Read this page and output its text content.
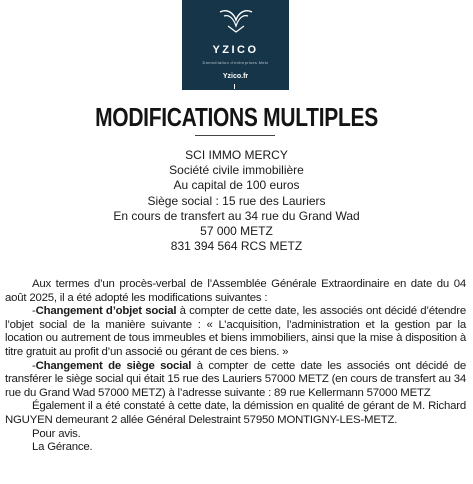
YZICO
Domiciliation d'entreprises Metz
Yzico.fr
MODIFICATIONS MULTIPLES
SCI IMMO MERCY
Société civile immobilière
Au capital de 100 euros
Siège social : 15 rue des Lauriers
En cours de transfert au 34 rue du Grand Wad
57 000 METZ
831 394 564 RCS METZ

Aux termes d’un procès-verbal de l’Assemblée Générale Extraordinaire en date du 04 août 2025, il a été adopté les modifications suivantes :

-Changement d’objet social à compter de cette date, les associés ont décidé d’étendre l’objet social de la manière suivante : « L’acquisition, l’administration et la gestion par la location ou autrement de tous immeubles et biens immobiliers, ainsi que la mise à disposition à titre gratuit au profit d’un associé ou gérant de ces biens. »

-Changement de siège social à compter de cette date les associés ont décidé de transférer le siège social qui était 15 rue des Lauriers 57000 METZ (en cours de transfert au 34 rue du Grand Wad 57000 METZ) à l’adresse suivante : 89 rue Kellermann 57000 METZ

Également il a été constaté à cette date, la démission en qualité de gérant de M. Richard NGUYEN demeurant 2 allée Général Delestraint 57950 MONTIGNY-LES-METZ.

Pour avis.

La Gérance.
